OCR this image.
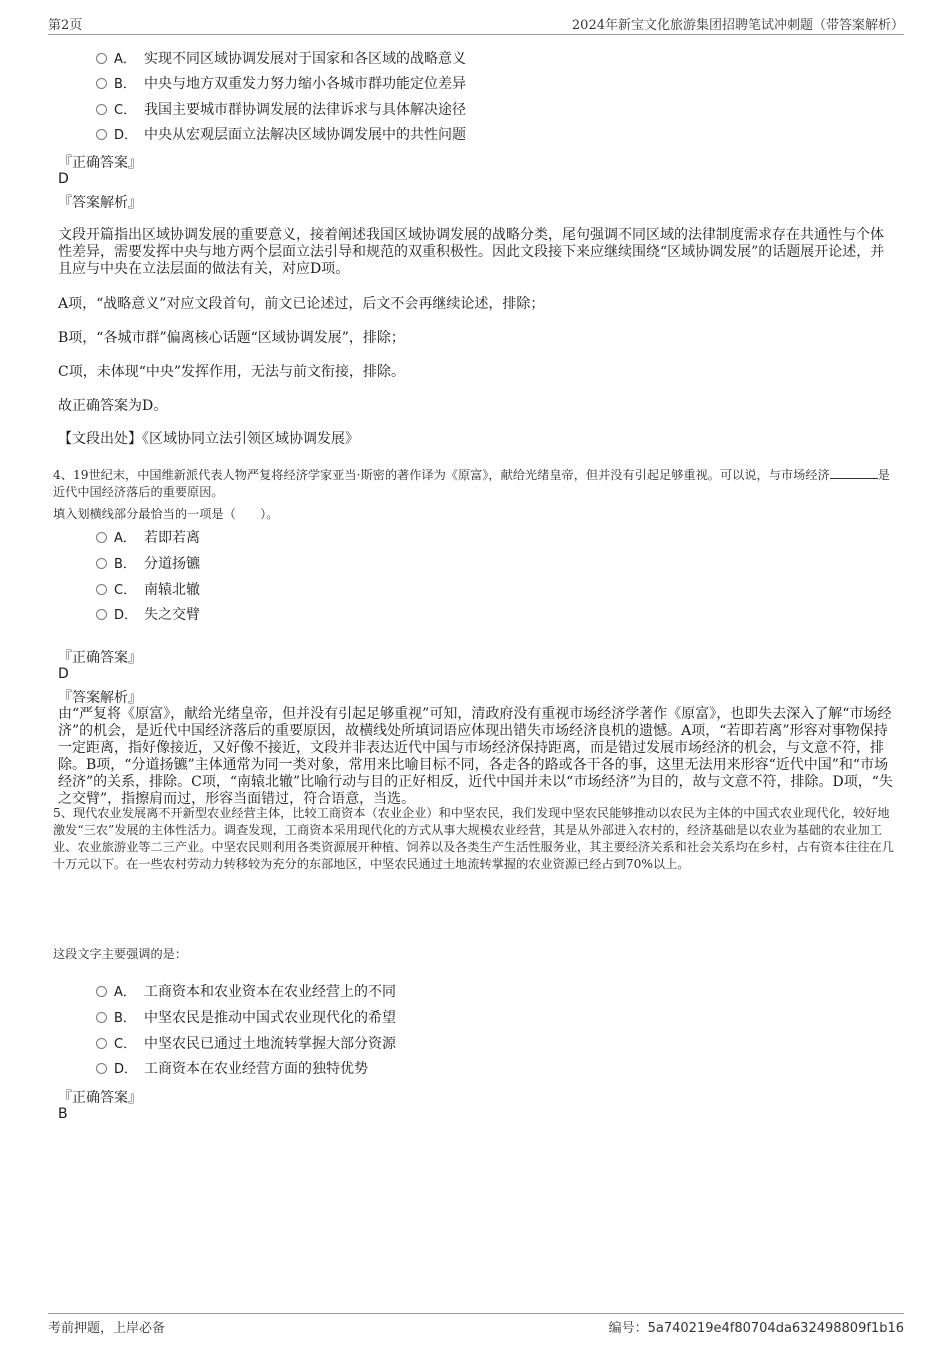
第2页	2024年新宝文化旅游集团招聘笔试冲刺题（带答案解析）
A． 实现不同区域协调发展对于国家和各区域的战略意义
B． 中央与地方双重发力努力缩小各城市群功能定位差异
C． 我国主要城市群协调发展的法律诉求与具体解决途径
D． 中央从宏观层面立法解决区域协调发展中的共性问题
『正确答案』
D
『答案解析』
文段开篇指出区域协调发展的重要意义，接着阐述我国区域协调发展的战略分类，尾句强调不同区域的法律制度需求存在共通性与个体性差异，需要发挥中央与地方两个层面立法引导和规范的双重积极性。因此文段接下来应继续围绕“区域协调发展”的话题展开论述，并且应与中央在立法层面的做法有关，对应D项。
A项，“战略意义”对应文段首句，前文已论述过，后文不会再继续论述，排除；
B项，“各城市群”偏离核心话题“区域协调发展”，排除；
C项，未体现“中央”发挥作用，无法与前文衔接，排除。
故正确答案为D。
【文段出处】《区域协同立法引领区域协调发展》
4、19世纪末，中国维新派代表人物严复将经济学家亚当·斯密的著作译为《原富》，献给光绪皇帝，但并没有引起足够重视。可以说，与市场经济	是近代中国经济落后的重要原因。
填入划横线部分最恰当的一项是（　　）。
A． 若即若离
B． 分道扬镳
C． 南辕北辙
D． 失之交臂
『正确答案』
D
『答案解析』
由“严复将《原富》，献给光绪皇帝，但并没有引起足够重视”可知，清政府没有重视市场经济学著作《原富》，也即失去深入了解“市场经济”的机会，是近代中国经济落后的重要原因，故横线处所填词语应体现出错失市场经济良机的遗憾。A项，“若即若离”形容对事物保持一定距离，指好像接近，又好像不接近，文段并非表达近代中国与市场经济保持距离，而是错过发展市场经济的机会，与文意不符，排除。B项，“分道扬镳”主体通常为同一类对象，常用来比喻目标不同，各走各的路或各干各的事，这里无法用来形容“近代中国”和“市场经济”的关系，排除。C项，“南辕北辙”比喻行动与目的正好相反，近代中国并未以“市场经济”为目的，故与文意不符，排除。D项，“失之交臂”，指擦肩而过，形容当面错过，符合语意，当选。
5、现代农业发展离不开新型农业经营主体，比较工商资本（农业企业）和中坚农民，我们发现中坚农民能够推动以农民为主体的中国式农业现代化，较好地激发“三农”发展的主体性活力。调查发现，工商资本采用现代化的方式从事大规模农业经营，其是从外部进入农村的，经济基础是以农业为基础的农业加工业、农业旅游业等二三产业。中坚农民则利用各类资源展开种植、饲养以及各类生产生活性服务业，其主要经济关系和社会关系均在乡村，占有资本往往在几十万元以下。在一些农村劳动力转移较为充分的东部地区，中坚农民通过土地流转掌握的农业资源已经占到70%以上。
这段文字主要强调的是：
A． 工商资本和农业资本在农业经营上的不同
B． 中坚农民是推动中国式农业现代化的希望
C． 中坚农民已通过土地流转掌握大部分资源
D． 工商资本在农业经营方面的独特优势
『正确答案』
B
考前押题，上岸必备	编号：5a740219e4f80704da632498809f1b16
